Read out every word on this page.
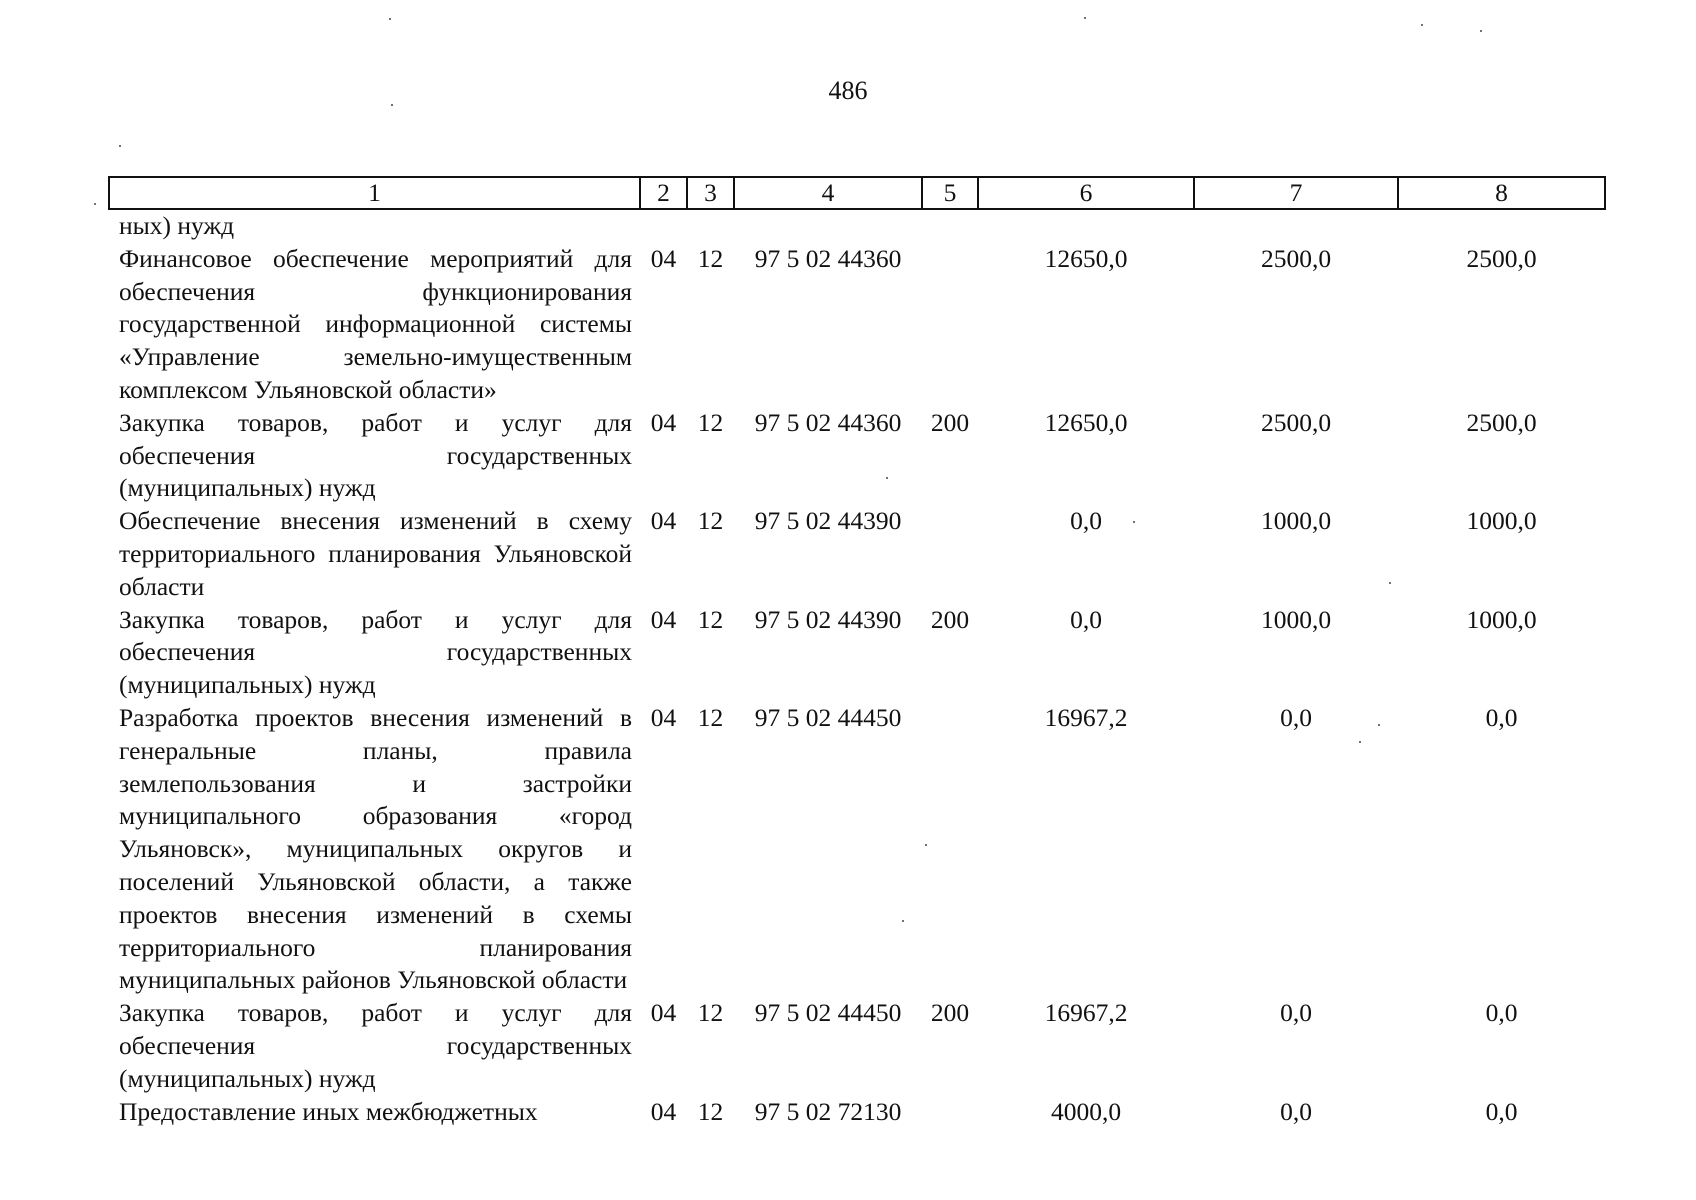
486
1	2	3	4	5	6	7	8
ных) нужд							
Финансовое обеспечение мероприятий для обеспечения функционирования государственной информационной системы «Управление земельно-имущественным комплексом Ульяновской области»	04	12	97 5 02 44360		12650,0	2500,0	2500,0
Закупка товаров, работ и услуг для обеспечения государственных (муниципальных) нужд	04	12	97 5 02 44360	200	12650,0	2500,0	2500,0
Обеспечение внесения изменений в схему территориального планирования Ульяновской области	04	12	97 5 02 44390		0,0	1000,0	1000,0
Закупка товаров, работ и услуг для обеспечения государственных (муниципальных) нужд	04	12	97 5 02 44390	200	0,0	1000,0	1000,0
Разработка проектов внесения изменений в генеральные планы, правила землепользования и застройки муниципального образования «город Ульяновск», муниципальных округов и поселений Ульяновской области, а также проектов внесения изменений в схемы территориального планирования муниципальных районов Ульяновской области	04	12	97 5 02 44450		16967,2	0,0	0,0
Закупка товаров, работ и услуг для обеспечения государственных (муниципальных) нужд	04	12	97 5 02 44450	200	16967,2	0,0	0,0
Предоставление иных межбюджетных	04	12	97 5 02 72130		4000,0	0,0	0,0
